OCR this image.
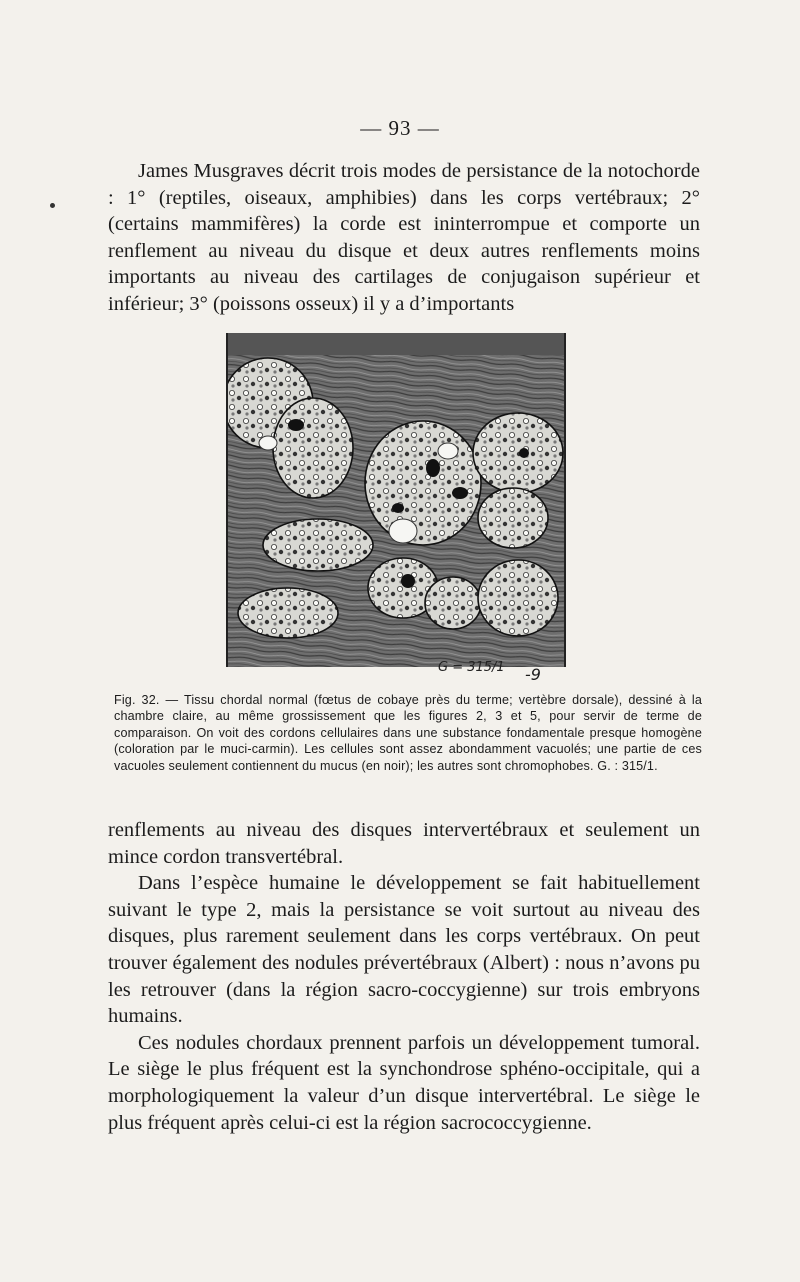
— 93 —

James Musgraves décrit trois modes de persistance de la notochorde : 1° (reptiles, oiseaux, amphibies) dans les corps vertébraux; 2° (certains mammifères) la corde est ininterrompue et comporte un renflement au niveau du disque et deux autres renflements moins importants au niveau des cartilages de conjugaison supérieur et inférieur; 3° (poissons osseux) il y a d’importants

G = 315/1 -9
Fig. 32. — Tissu chordal normal (fœtus de cobaye près du terme; vertèbre dorsale), dessiné à la chambre claire, au même grossissement que les figures 2, 3 et 5, pour servir de terme de comparaison. On voit des cordons cellulaires dans une substance fondamentale presque homogène (coloration par le muci-carmin). Les cellules sont assez abondamment vacuolés; une partie de ces vacuoles seulement contiennent du mucus (en noir); les autres sont chromophobes. G. : 315/1.

renflements au niveau des disques intervertébraux et seulement un mince cordon transvertébral.

Dans l’espèce humaine le développement se fait habituellement suivant le type 2, mais la persistance se voit surtout au niveau des disques, plus rarement seulement dans les corps vertébraux. On peut trouver également des nodules prévertébraux (Albert) : nous n’avons pu les retrouver (dans la région sacro-coccygienne) sur trois embryons humains.

Ces nodules chordaux prennent parfois un développement tumoral. Le siège le plus fréquent est la synchondrose sphéno-occipitale, qui a morphologiquement la valeur d’un disque intervertébral. Le siège le plus fréquent après celui-ci est la région sacrococcygienne.
